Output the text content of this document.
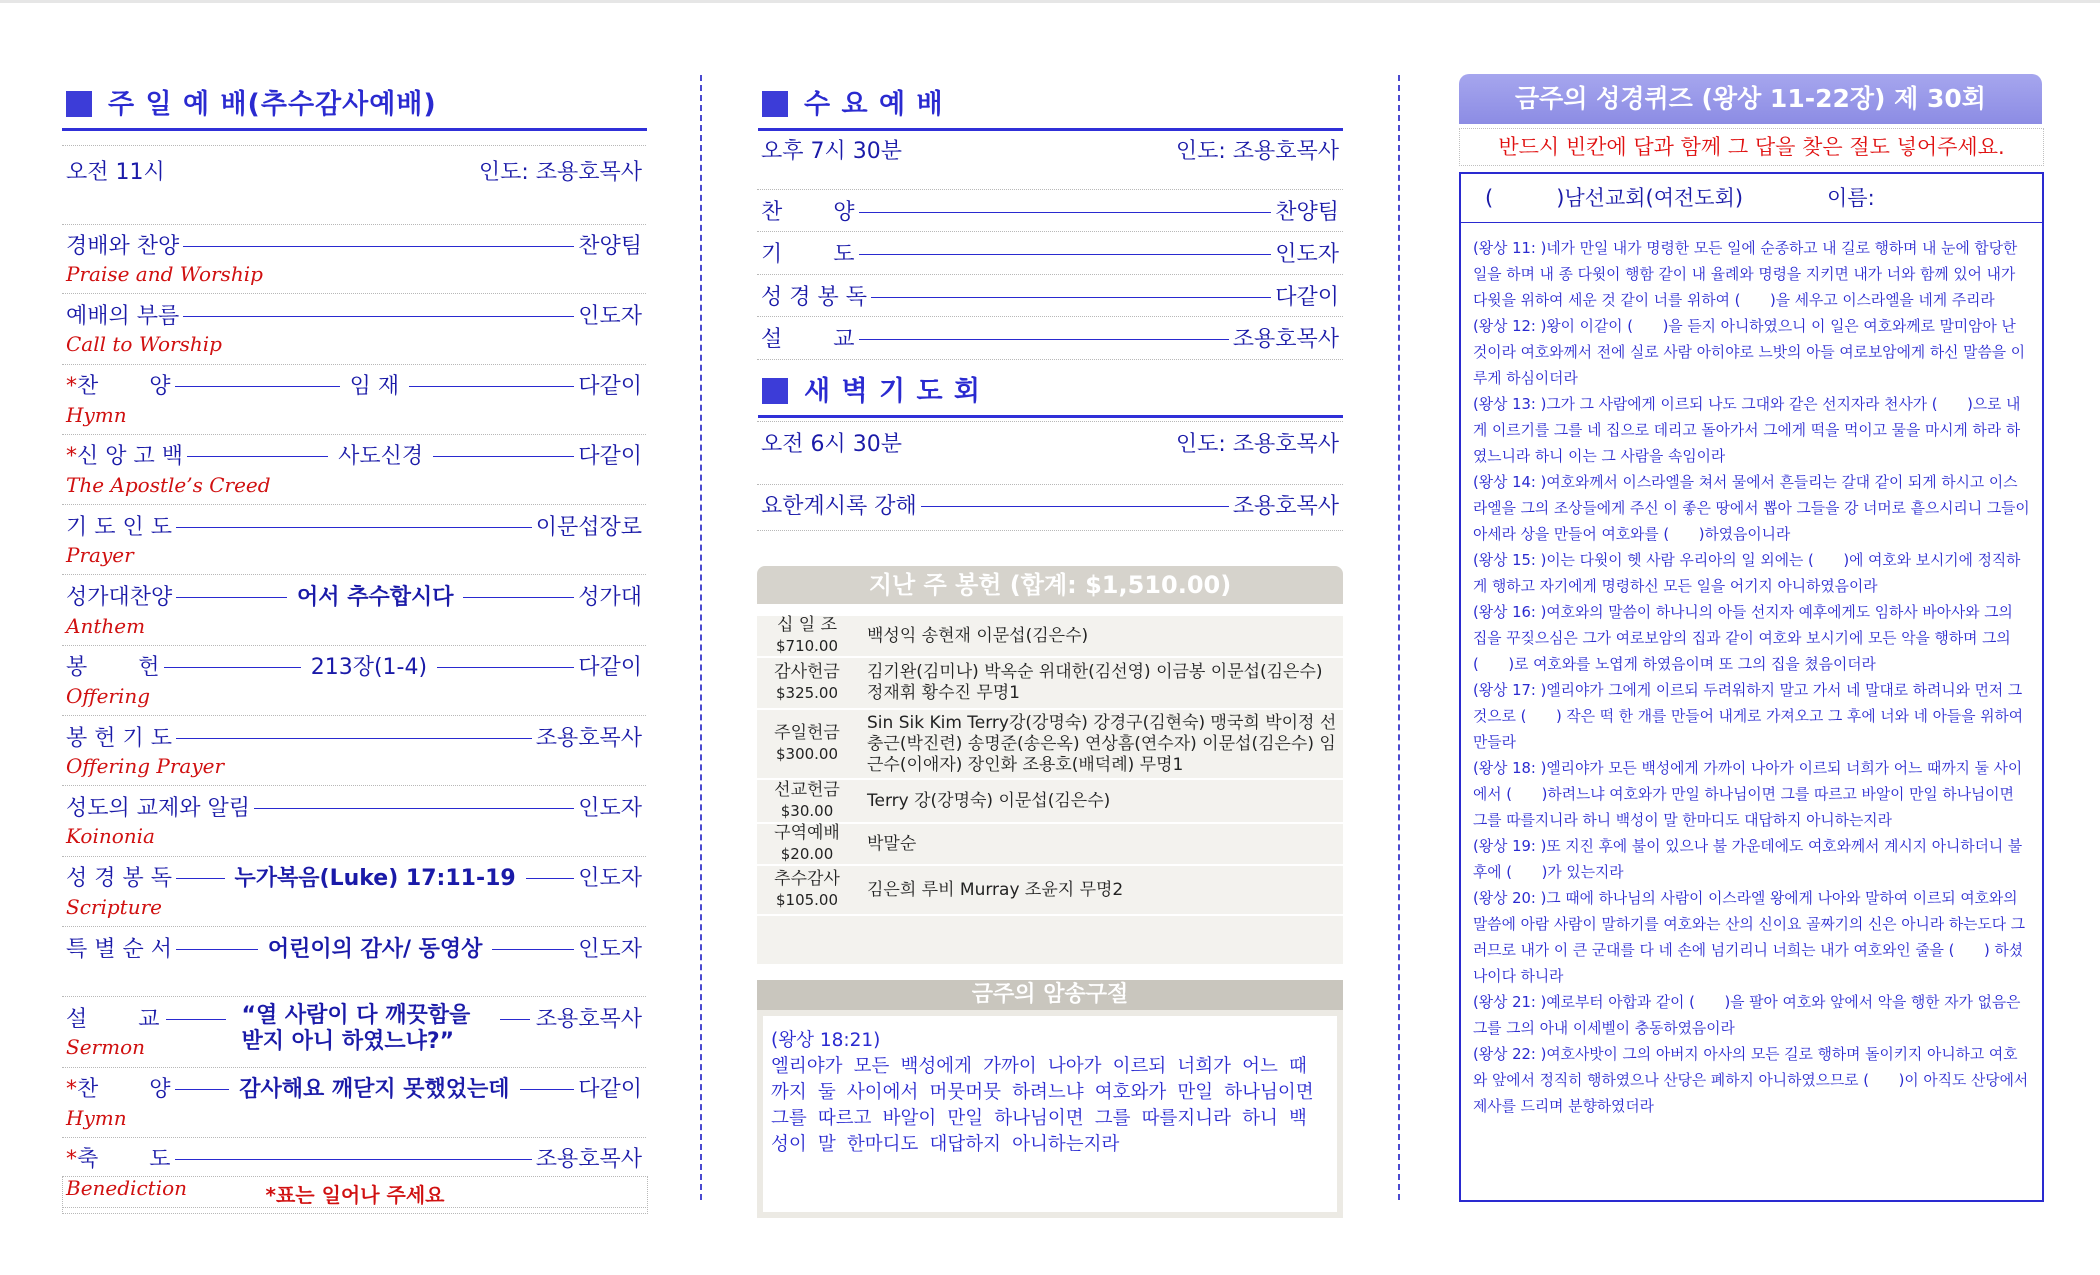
주 일 예 배(추수감사예배)
오전 11시	인도: 조용호목사
경배와 찬양	찬양팀
Praise and Worship
예배의 부름	인도자
Call to Worship
*찬　　 양	임 재	다같이
Hymn
*신 앙 고 백	사도신경	다같이
The Apostle’s Creed
기 도 인 도	이문섭장로
Prayer
성가대찬양	어서 추수합시다	성가대
Anthem
봉　　 헌	213장(1-4)	다같이
Offering
봉 헌 기 도	조용호목사
Offering Prayer
성도의 교제와 알림	인도자
Koinonia
성 경 봉 독	누가복음(Luke) 17:11-19	인도자
Scripture
특 별 순 서	어린이의 감사/ 동영상	인도자
설　　 교	“열 사람이 다 깨끗함을
받지 아니 하였느냐?”
조용호목사
Sermon
*찬　　 양	감사해요 깨닫지 못했었는데	다같이
Hymn
*축　　 도	조용호목사
Benediction	*표는 일어나 주세요
수 요 예 배
오후 7시 30분	인도: 조용호목사
찬　　 양	찬양팀
기　　 도	인도자
성 경 봉 독	다같이
설　　 교	조용호목사
새 벽 기 도 회
오전 6시 30분	인도: 조용호목사
요한계시록 강해	조용호목사
지난 주 봉헌 (합계: $1,510.00)
십 일 조
$710.00
백성익 송현재 이문섭(김은수)
감사헌금
$325.00
김기완(김미나) 박옥순 위대한(김선영) 이금봉 이문섭(김은수) 정재휘 황수진 무명1
주일헌금
$300.00
Sin Sik Kim Terry강(강명숙) 강경구(김현숙) 맹국희 박이정 선충근(박진련) 송명준(송은옥) 연상흠(연수자) 이문섭(김은수) 임근수(이애자) 장인화 조용호(배덕례) 무명1
선교헌금
$30.00
Terry 강(강명숙) 이문섭(김은수)
구역예배
$20.00
박말순
추수감사
$105.00
김은희 루비 Murray 조윤지 무명2
금주의 암송구절
(왕상 18:21)
엘리야가 모든 백성에게 가까이 나아가 이르되 너희가 어느 때까지 둘 사이에서 머뭇머뭇 하려느냐 여호와가 만일 하나님이면 그를 따르고 바알이 만일 하나님이면 그를 따를지니라 하니 백성이 말 한마디도 대답하지 아니하는지라
금주의 성경퀴즈 (왕상 11-22장) 제 30회
반드시 빈칸에 답과 함께 그 답을 찾은 절도 넣어주세요.
(　　　)남선교회(여전도회)	이름:

(왕상 11: )네가 만일 내가 명령한 모든 일에 순종하고 내 길로 행하며 내 눈에 합당한 일을 하며 내 종 다윗이 행함 같이 내 율례와 명령을 지키면 내가 너와 함께 있어 내가 다윗을 위하여 세운 것 같이 너를 위하여 (　　)을 세우고 이스라엘을 네게 주리라

(왕상 12: )왕이 이같이 (　　)을 듣지 아니하였으니 이 일은 여호와께로 말미암아 난 것이라 여호와께서 전에 실로 사람 아히야로 느밧의 아들 여로보암에게 하신 말씀을 이루게 하심이더라

(왕상 13: )그가 그 사람에게 이르되 나도 그대와 같은 선지자라 천사가 (　　)으로 내게 이르기를 그를 네 집으로 데리고 돌아가서 그에게 떡을 먹이고 물을 마시게 하라 하였느니라 하니 이는 그 사람을 속임이라

(왕상 14: )여호와께서 이스라엘을 쳐서 물에서 흔들리는 갈대 같이 되게 하시고 이스라엘을 그의 조상들에게 주신 이 좋은 땅에서 뽑아 그들을 강 너머로 흩으시리니 그들이 아세라 상을 만들어 여호와를 (　　)하였음이니라

(왕상 15: )이는 다윗이 헷 사람 우리아의 일 외에는 (　　)에 여호와 보시기에 정직하게 행하고 자기에게 명령하신 모든 일을 어기지 아니하였음이라

(왕상 16: )여호와의 말씀이 하나니의 아들 선지자 예후에게도 임하사 바아사와 그의 집을 꾸짖으심은 그가 여로보암의 집과 같이 여호와 보시기에 모든 악을 행하며 그의 (　　)로 여호와를 노엽게 하였음이며 또 그의 집을 쳤음이더라

(왕상 17: )엘리야가 그에게 이르되 두려워하지 말고 가서 네 말대로 하려니와 먼저 그것으로 (　　) 작은 떡 한 개를 만들어 내게로 가져오고 그 후에 너와 네 아들을 위하여 만들라

(왕상 18: )엘리야가 모든 백성에게 가까이 나아가 이르되 너희가 어느 때까지 둘 사이에서 (　　)하려느냐 여호와가 만일 하나님이면 그를 따르고 바알이 만일 하나님이면 그를 따를지니라 하니 백성이 말 한마디도 대답하지 아니하는지라

(왕상 19: )또 지진 후에 불이 있으나 불 가운데에도 여호와께서 계시지 아니하더니 불 후에 (　　)가 있는지라

(왕상 20: )그 때에 하나님의 사람이 이스라엘 왕에게 나아와 말하여 이르되 여호와의 말씀에 아람 사람이 말하기를 여호와는 산의 신이요 골짜기의 신은 아니라 하는도다 그러므로 내가 이 큰 군대를 다 네 손에 넘기리니 너희는 내가 여호와인 줄을 (　　) 하셨나이다 하니라

(왕상 21: )예로부터 아합과 같이 (　　)을 팔아 여호와 앞에서 악을 행한 자가 없음은 그를 그의 아내 이세벨이 충동하였음이라

(왕상 22: )여호사밧이 그의 아버지 아사의 모든 길로 행하며 돌이키지 아니하고 여호와 앞에서 정직히 행하였으나 산당은 폐하지 아니하였으므로 (　　)이 아직도 산당에서 제사를 드리며 분향하였더라
